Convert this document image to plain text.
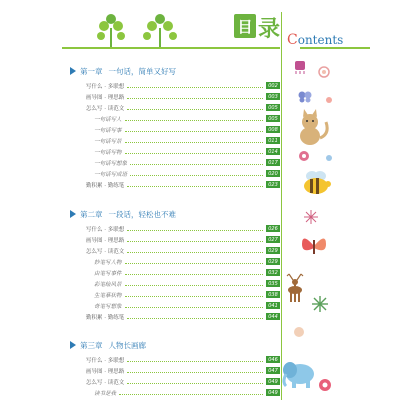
目 录 Contents
第一章 一句话，简单又好写
写什么 · 多联想	002
画导图 · 理思路	003
怎么写 · 读范文	005
一句话写人	005
一句话写事	008
一句话写景	011
一句话写物	014
一句话写想象	017
一句话写成语	020
勤积累 · 勤练笔	023
第二章 一段话，轻松也不难
写什么 · 多联想	026
画导图 · 理思路	027
怎么写 · 读范文	029
妙笔写人物	029
由笔写事件	032
彩笔绘风景	035
生笔摹状物	038
奇笔写想象	041
勤积累 · 勤练笔	044
第三章 人物长画廊
写什么 · 多联想	046
画导图 · 理思路	047
怎么写 · 读范文	049
读书是我	049
